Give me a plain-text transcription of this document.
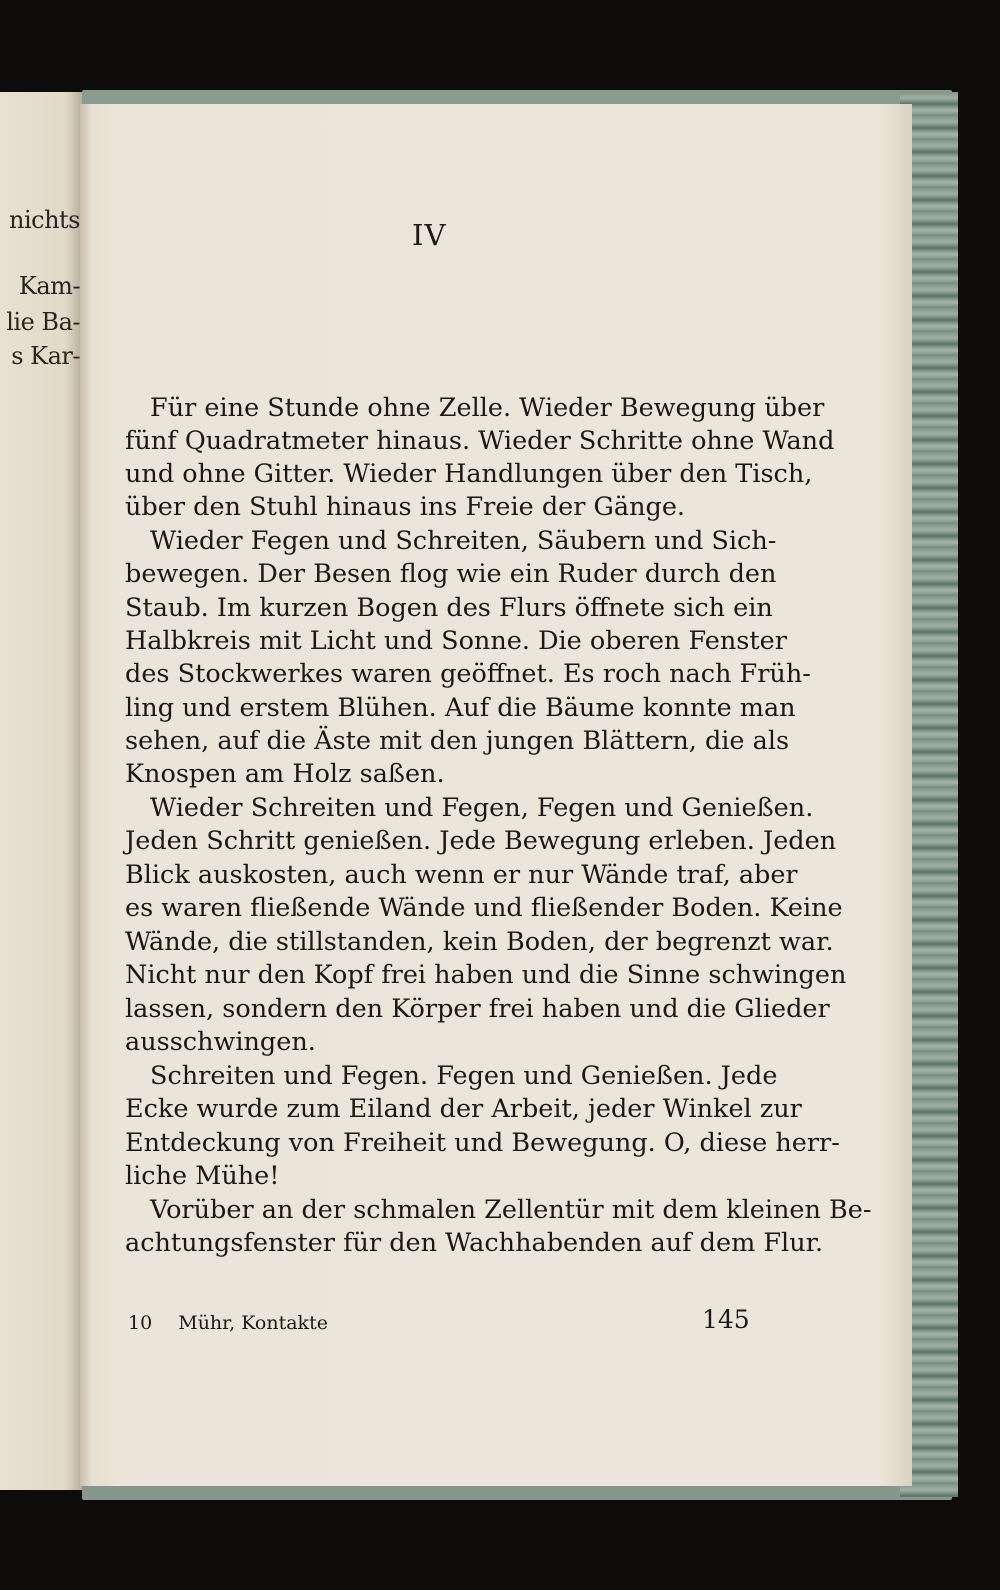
nichts
Kam-
lie Ba-
s Kar-
IV
Für eine Stunde ohne Zelle. Wieder Bewegung über
fünf Quadratmeter hinaus. Wieder Schritte ohne Wand
und ohne Gitter. Wieder Handlungen über den Tisch,
über den Stuhl hinaus ins Freie der Gänge.
Wieder Fegen und Schreiten, Säubern und Sich-
bewegen. Der Besen flog wie ein Ruder durch den
Staub. Im kurzen Bogen des Flurs öffnete sich ein
Halbkreis mit Licht und Sonne. Die oberen Fenster
des Stockwerkes waren geöffnet. Es roch nach Früh-
ling und erstem Blühen. Auf die Bäume konnte man
sehen, auf die Äste mit den jungen Blättern, die als
Knospen am Holz saßen.
Wieder Schreiten und Fegen, Fegen und Genießen.
Jeden Schritt genießen. Jede Bewegung erleben. Jeden
Blick auskosten, auch wenn er nur Wände traf, aber
es waren fließende Wände und fließender Boden. Keine
Wände, die stillstanden, kein Boden, der begrenzt war.
Nicht nur den Kopf frei haben und die Sinne schwingen
lassen, sondern den Körper frei haben und die Glieder
ausschwingen.
Schreiten und Fegen. Fegen und Genießen. Jede
Ecke wurde zum Eiland der Arbeit, jeder Winkel zur
Entdeckung von Freiheit und Bewegung. O, diese herr-
liche Mühe!
Vorüber an der schmalen Zellentür mit dem kleinen Be-
achtungsfenster für den Wachhabenden auf dem Flur.
10 Mühr, Kontakte	145
